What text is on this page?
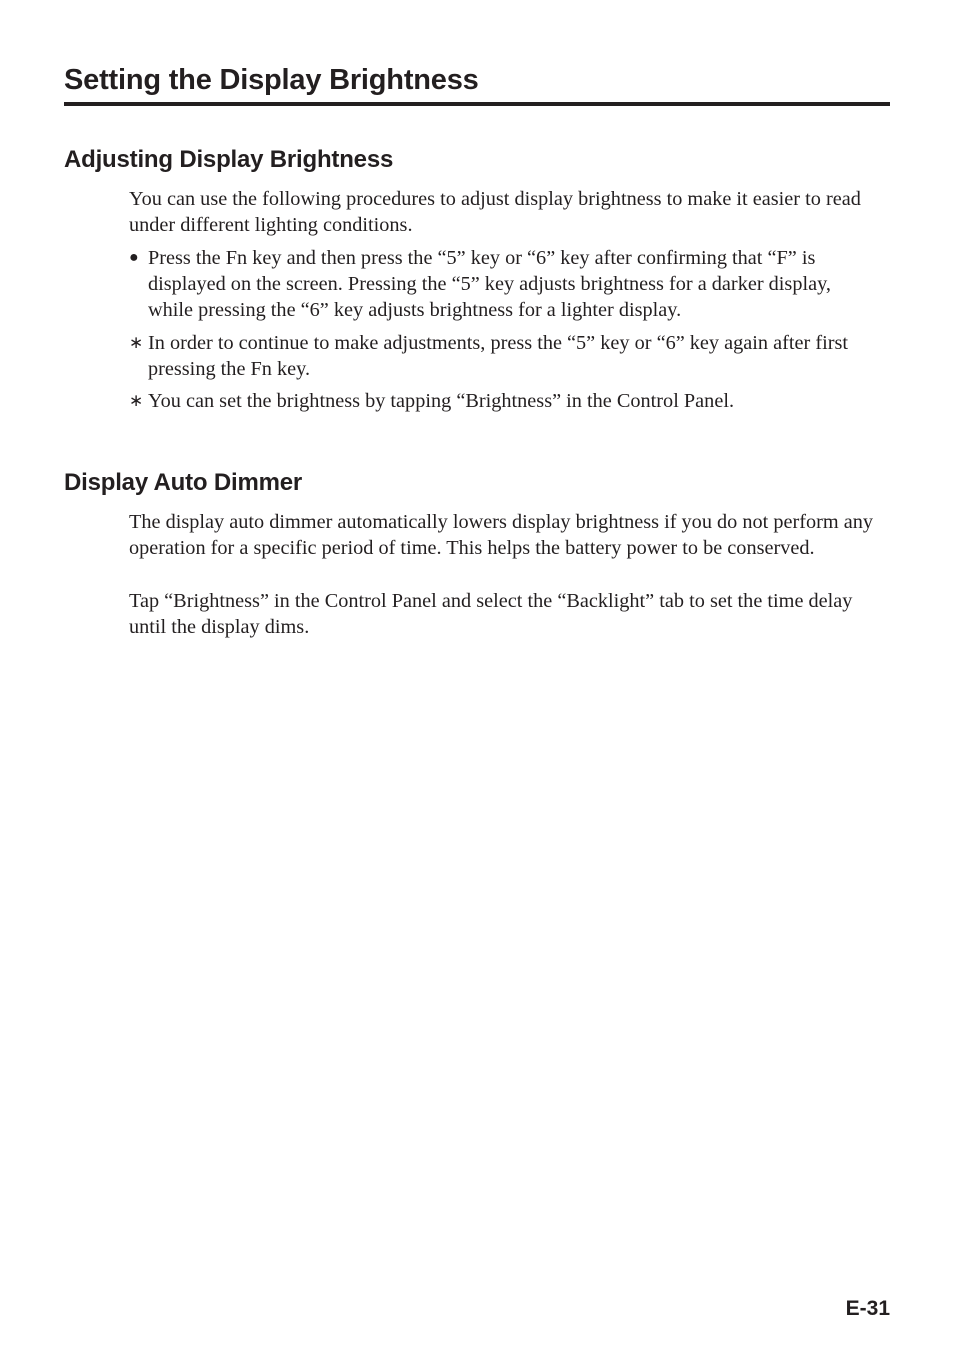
Setting the Display Brightness
Adjusting Display Brightness

You can use the following procedures to adjust display brightness to make it easier to read under different lighting conditions.

● Press the Fn key and then press the “5” key or “6” key after confirming that “F” is displayed on the screen. Pressing the “5” key adjusts brightness for a darker display, while pressing the “6” key adjusts brightness for a lighter display.
∗ In order to continue to make adjustments, press the “5” key or “6” key again after first pressing the Fn key.
∗ You can set the brightness by tapping “Brightness” in the Control Panel.
Display Auto Dimmer

The display auto dimmer automatically lowers display brightness if you do not perform any operation for a specific period of time. This helps the battery power to be conserved.

Tap “Brightness” in the Control Panel and select the “Backlight” tab to set the time delay until the display dims.

E-31
